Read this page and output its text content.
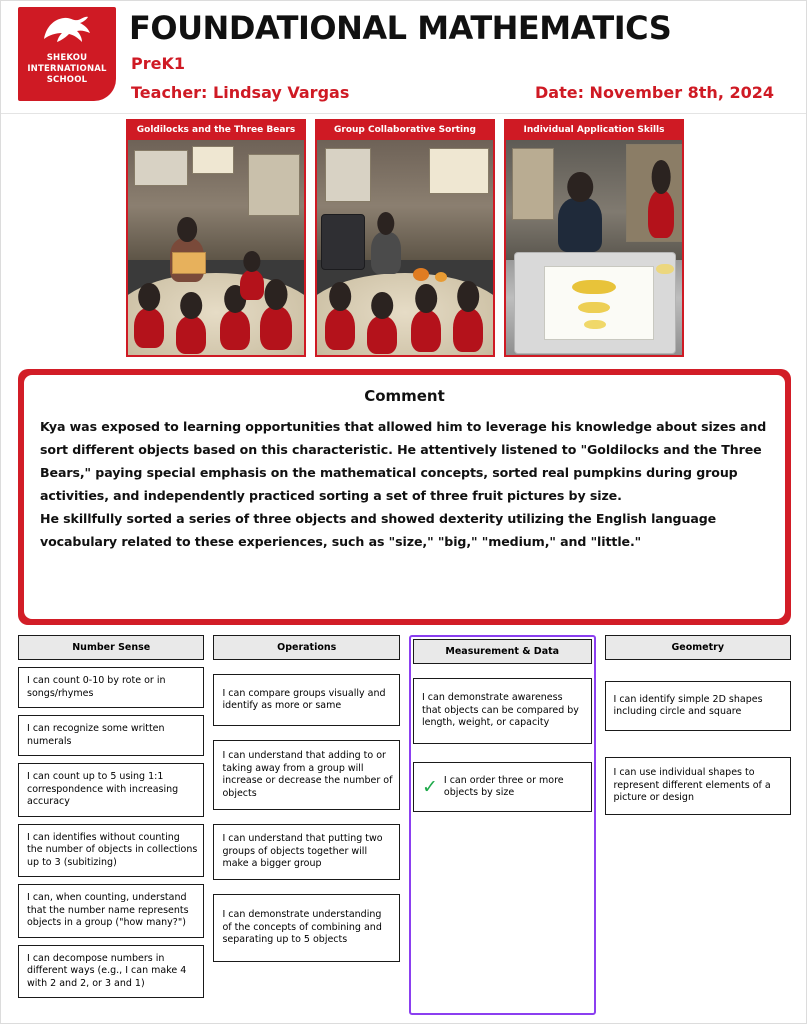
SHEKOU
INTERNATIONAL
SCHOOL
FOUNDATIONAL MATHEMATICS
PreK1
Teacher: Lindsay Vargas	Date: November 8th, 2024
Goldilocks and the Three Bears	Group Collaborative Sorting	Individual Application Skills
Comment

Kya was exposed to learning opportunities that allowed him to leverage his knowledge about sizes and sort different objects based on this characteristic. He attentively listened to "Goldilocks and the Three Bears," paying special emphasis on the mathematical concepts, sorted real pumpkins during group activities, and independently practiced sorting a set of three fruit pictures by size.

He skillfully sorted a series of three objects and showed dexterity utilizing the English language vocabulary related to these experiences, such as "size," "big," "medium," and "little."

Number Sense
I can count 0-10 by rote or in songs/rhymes
I can recognize some written numerals
I can count up to 5 using 1:1 correspondence with increasing accuracy
I can identifies without counting the number of objects in collections up to 3 (subitizing)
I can, when counting, understand that the number name represents objects in a group ("how many?")
I can decompose numbers in different ways (e.g., I can make 4 with 2 and 2, or 3 and 1)
Operations
I can compare groups visually and identify as more or same
I can understand that adding to or taking away from a group will increase or decrease the number of objects
I can understand that putting two groups of objects together will make a bigger group
I can demonstrate understanding of the concepts of combining and separating up to 5 objects
Measurement & Data
I can demonstrate awareness that objects can be compared by length, weight, or capacity
✓ I can order three or more objects by size
Geometry
I can identify simple 2D shapes including circle and square
I can use individual shapes to represent different elements of a picture or design
